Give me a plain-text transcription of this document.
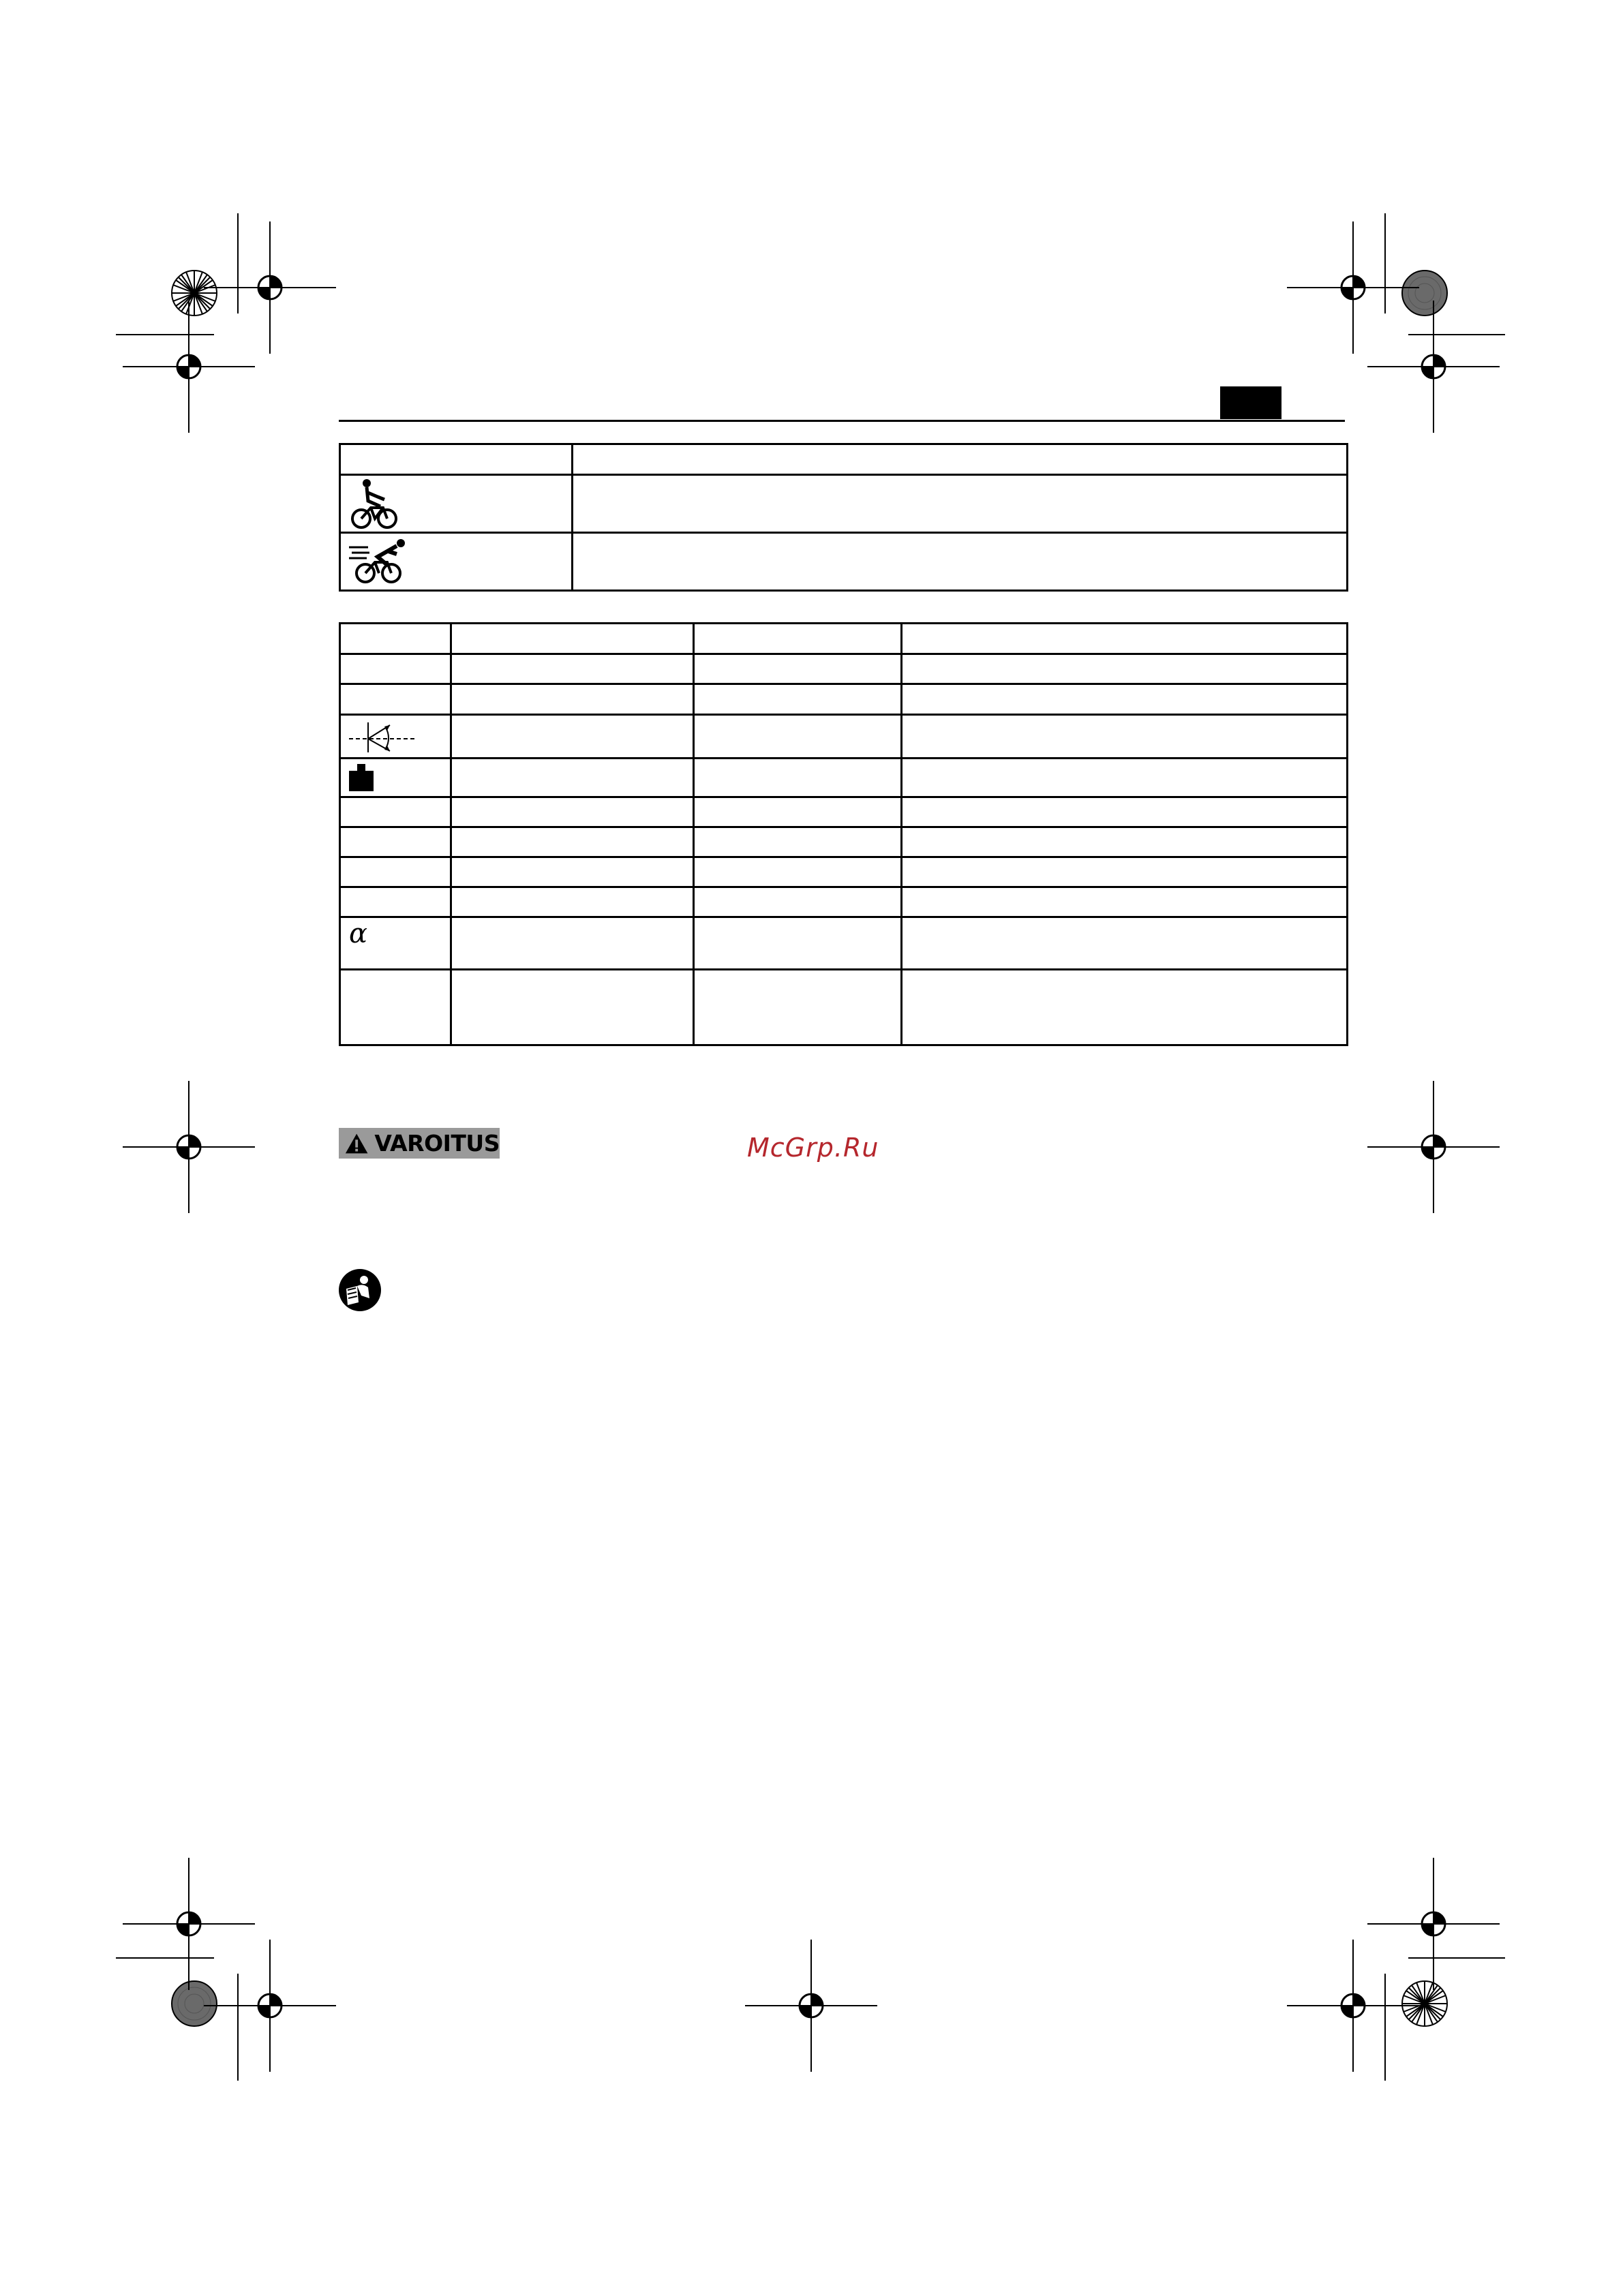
α			

VAROITUS	McGrp.Ru
